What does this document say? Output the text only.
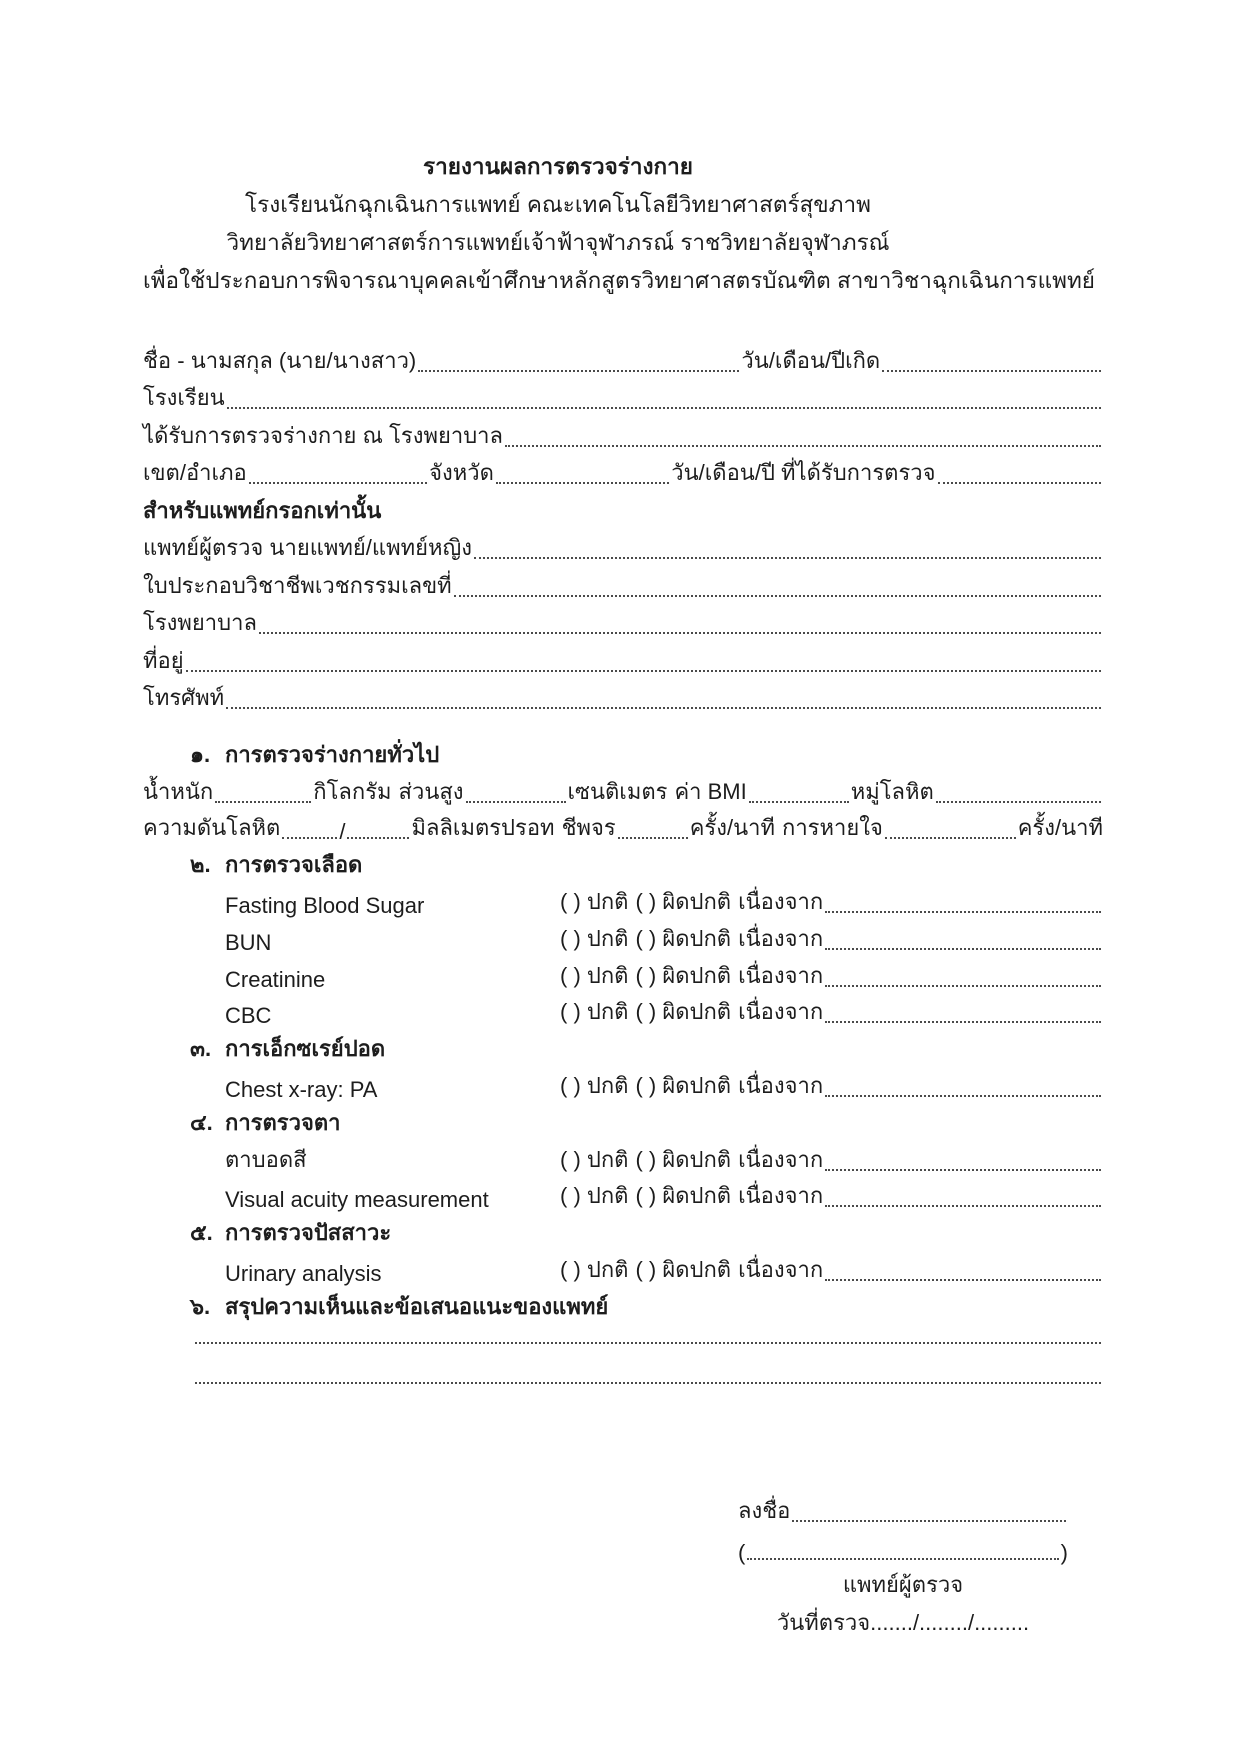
รายงานผลการตรวจร่างกาย
โรงเรียนนักฉุกเฉินการแพทย์ คณะเทคโนโลยีวิทยาศาสตร์สุขภาพ
วิทยาลัยวิทยาศาสตร์การแพทย์เจ้าฟ้าจุฬาภรณ์ ราชวิทยาลัยจุฬาภรณ์
เพื่อใช้ประกอบการพิจารณาบุคคลเข้าศึกษาหลักสูตรวิทยาศาสตรบัณฑิต สาขาวิชาฉุกเฉินการแพทย์
ชื่อ - นามสกุล (นาย/นางสาว)	วัน/เดือน/ปีเกิด
โรงเรียน
ได้รับการตรวจร่างกาย ณ โรงพยาบาล
เขต/อำเภอ	จังหวัด	วัน/เดือน/ปี ที่ได้รับการตรวจ
สำหรับแพทย์กรอกเท่านั้น
แพทย์ผู้ตรวจ นายแพทย์/แพทย์หญิง
ใบประกอบวิชาชีพเวชกรรมเลขที่
โรงพยาบาล
ที่อยู่
โทรศัพท์
๑. การตรวจร่างกายทั่วไป
น้ำหนัก	กิโลกรัม ส่วนสูง	เซนติเมตร ค่า BMI	หมู่โลหิต
ความดันโลหิต	/	มิลลิเมตรปรอท ชีพจร	ครั้ง/นาที การหายใจ	ครั้ง/นาที
๒. การตรวจเลือด
Fasting Blood Sugar	( ) ปกติ ( ) ผิดปกติ เนื่องจาก
BUN	( ) ปกติ ( ) ผิดปกติ เนื่องจาก
Creatinine	( ) ปกติ ( ) ผิดปกติ เนื่องจาก
CBC	( ) ปกติ ( ) ผิดปกติ เนื่องจาก
๓. การเอ็กซเรย์ปอด
Chest x-ray: PA	( ) ปกติ ( ) ผิดปกติ เนื่องจาก
๔. การตรวจตา
ตาบอดสี	( ) ปกติ ( ) ผิดปกติ เนื่องจาก
Visual acuity measurement	( ) ปกติ ( ) ผิดปกติ เนื่องจาก
๕. การตรวจปัสสาวะ
Urinary analysis	( ) ปกติ ( ) ผิดปกติ เนื่องจาก
๖. สรุปความเห็นและข้อเสนอแนะของแพทย์
ลงชื่อ
(	)
แพทย์ผู้ตรวจ
วันที่ตรวจ......./......../.........
